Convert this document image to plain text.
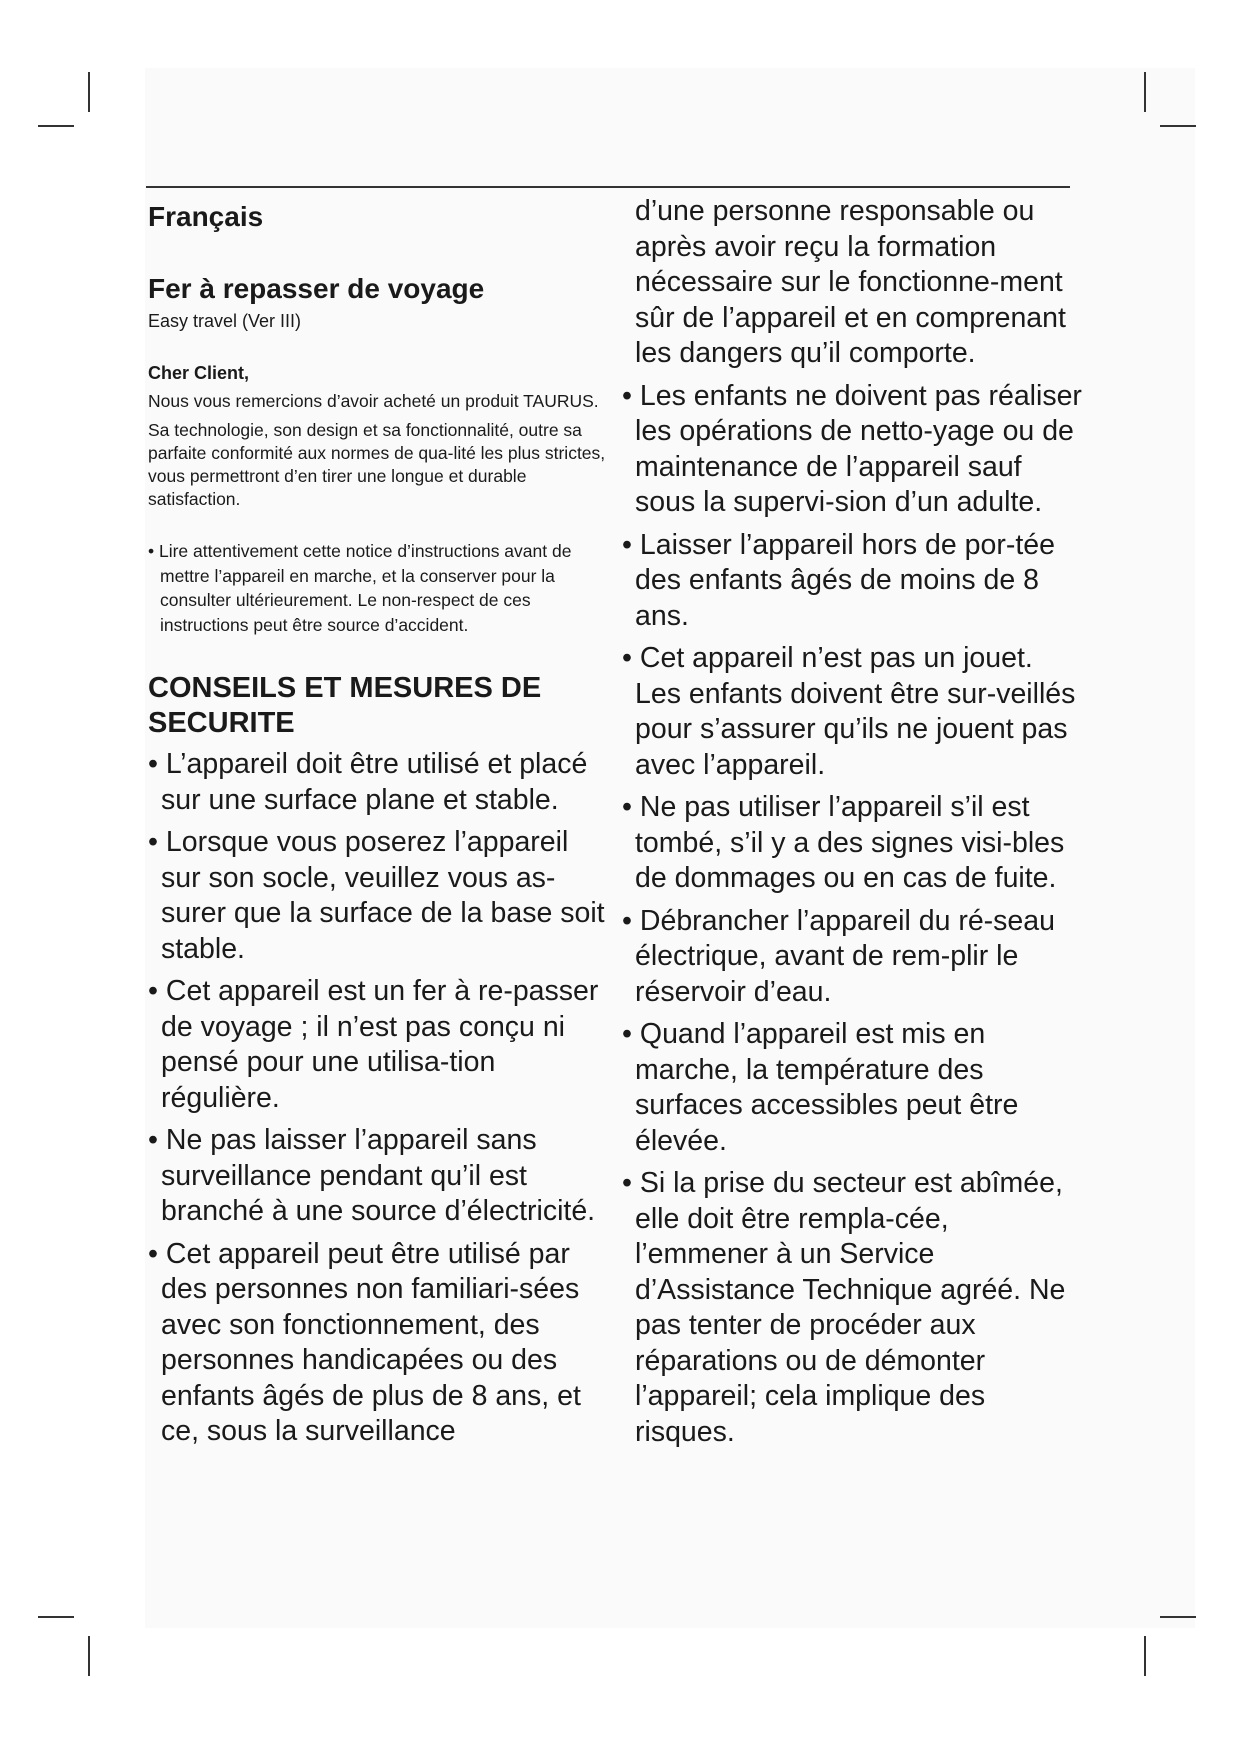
Français
Fer à repasser de voyage
Easy travel (Ver III)
Cher Client,

Nous vous remercions d’avoir acheté un produit TAURUS.

Sa technologie, son design et sa fonctionnalité, outre sa parfaite conformité aux normes de qua-lité les plus strictes, vous permettront d’en tirer une longue et durable satisfaction.

• Lire attentivement cette notice d’instructions avant de mettre l’appareil en marche, et la conserver pour la consulter ultérieurement. Le non-respect de ces instructions peut être source d’accident.

CONSEILS ET MESURES DE SECURITE

• L’appareil doit être utilisé et placé sur une surface plane et stable.

• Lorsque vous poserez l’appareil sur son socle, veuillez vous as-surer que la surface de la base soit stable.

• Cet appareil est un fer à re-passer de voyage ; il n’est pas conçu ni pensé pour une utilisa-tion régulière.

• Ne pas laisser l’appareil sans surveillance pendant qu’il est branché à une source d’électricité.

• Cet appareil peut être utilisé par des personnes non familiari-sées avec son fonctionnement, des personnes handicapées ou des enfants âgés de plus de 8 ans, et ce, sous la surveillance

d’une personne responsable ou après avoir reçu la formation nécessaire sur le fonctionne-ment sûr de l’appareil et en comprenant les dangers qu’il comporte.

• Les enfants ne doivent pas réaliser les opérations de netto-yage ou de maintenance de l’appareil sauf sous la supervi-sion d’un adulte.

• Laisser l’appareil hors de por-tée des enfants âgés de moins de 8 ans.

• Cet appareil n’est pas un jouet. Les enfants doivent être sur-veillés pour s’assurer qu’ils ne jouent pas avec l’appareil.

• Ne pas utiliser l’appareil s’il est tombé, s’il y a des signes visi-bles de dommages ou en cas de fuite.

• Débrancher l’appareil du ré-seau électrique, avant de rem-plir le réservoir d’eau.

• Quand l’appareil est mis en marche, la température des surfaces accessibles peut être élevée.

• Si la prise du secteur est abîmée, elle doit être rempla-cée, l’emmener à un Service d’Assistance Technique agréé. Ne pas tenter de procéder aux réparations ou de démonter l’appareil; cela implique des risques.
